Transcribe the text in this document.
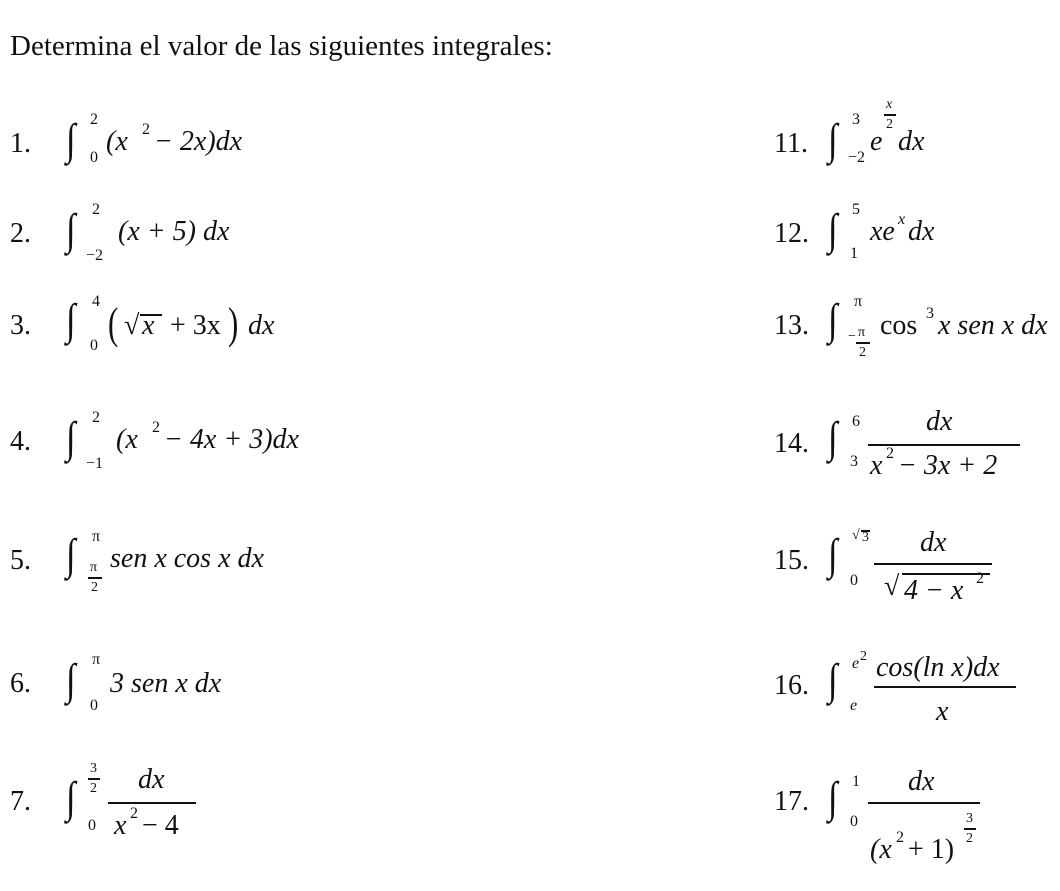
Determina el valor de las siguientes integrales:
1. ∫ 2
0
(x 2 − 2x)dx
2. ∫ 2
−2
(x + 5) dx
3. ∫ 4
0 ( √ x + 3x ) dx
4. ∫ 2
−1
(x 2 − 4x + 3)dx
5. ∫ π
π
2
sen x cos x dx
6. ∫ π
0
3 sen x dx
7. ∫
3
2
0
dx
x 2 − 4
11. ∫ 3
−2
e
x
2
dx
12. ∫ 5
1
xe x dx
13. ∫ π
− π
2
cos 3 x sen x dx
14. ∫ 6
3
dx
x 2 − 3x + 2
15. ∫ √ 3
0
dx
√ 4 − x 2
16. ∫ e 2
e
cos(ln x)dx
x
17. ∫ 1
0
dx
(x 2 + 1)
3
2
